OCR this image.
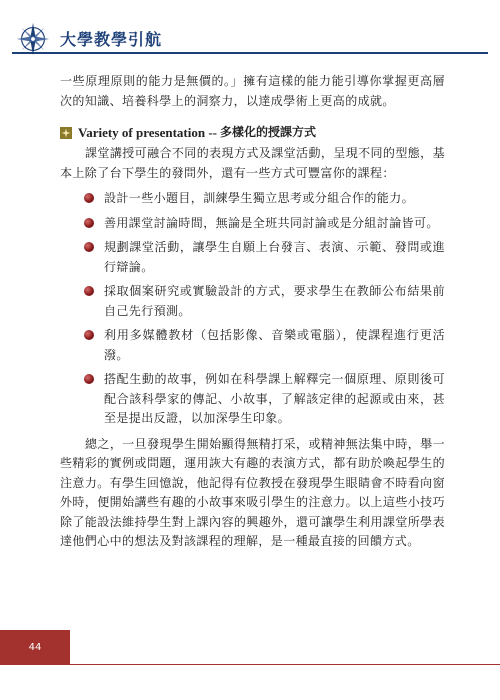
大學教學引航

一些原理原則的能力是無價的。」擁有這樣的能力能引導你掌握更高層次的知識、培養科學上的洞察力，以達成學術上更高的成就。

Variety of presentation -- 多樣化的授課方式

課堂講授可融合不同的表現方式及課堂活動，呈現不同的型態，基本上除了台下學生的發問外，還有一些方式可豐富你的課程：

設計一些小題目，訓練學生獨立思考或分組合作的能力。
善用課堂討論時間，無論是全班共同討論或是分組討論皆可。
規劃課堂活動，讓學生自願上台發言、表演、示範、發問或進行辯論。
採取個案研究或實驗設計的方式，要求學生在教師公布結果前自己先行預測。
利用多媒體教材（包括影像、音樂或電腦），使課程進行更活潑。
搭配生動的故事，例如在科學課上解釋完一個原理、原則後可配合該科學家的傳記、小故事，了解該定律的起源或由來，甚至是提出反證，以加深學生印象。

總之，一旦發現學生開始顯得無精打采，或精神無法集中時，舉一些精彩的實例或問題，運用詼大有趣的表演方式，都有助於喚起學生的注意力。有學生回憶說，他記得有位教授在發現學生眼睛會不時看向窗外時，便開始講些有趣的小故事來吸引學生的注意力。以上這些小技巧除了能設法維持學生對上課內容的興趣外，還可讓學生利用課堂所學表達他們心中的想法及對該課程的理解，是一種最直接的回饋方式。

44
